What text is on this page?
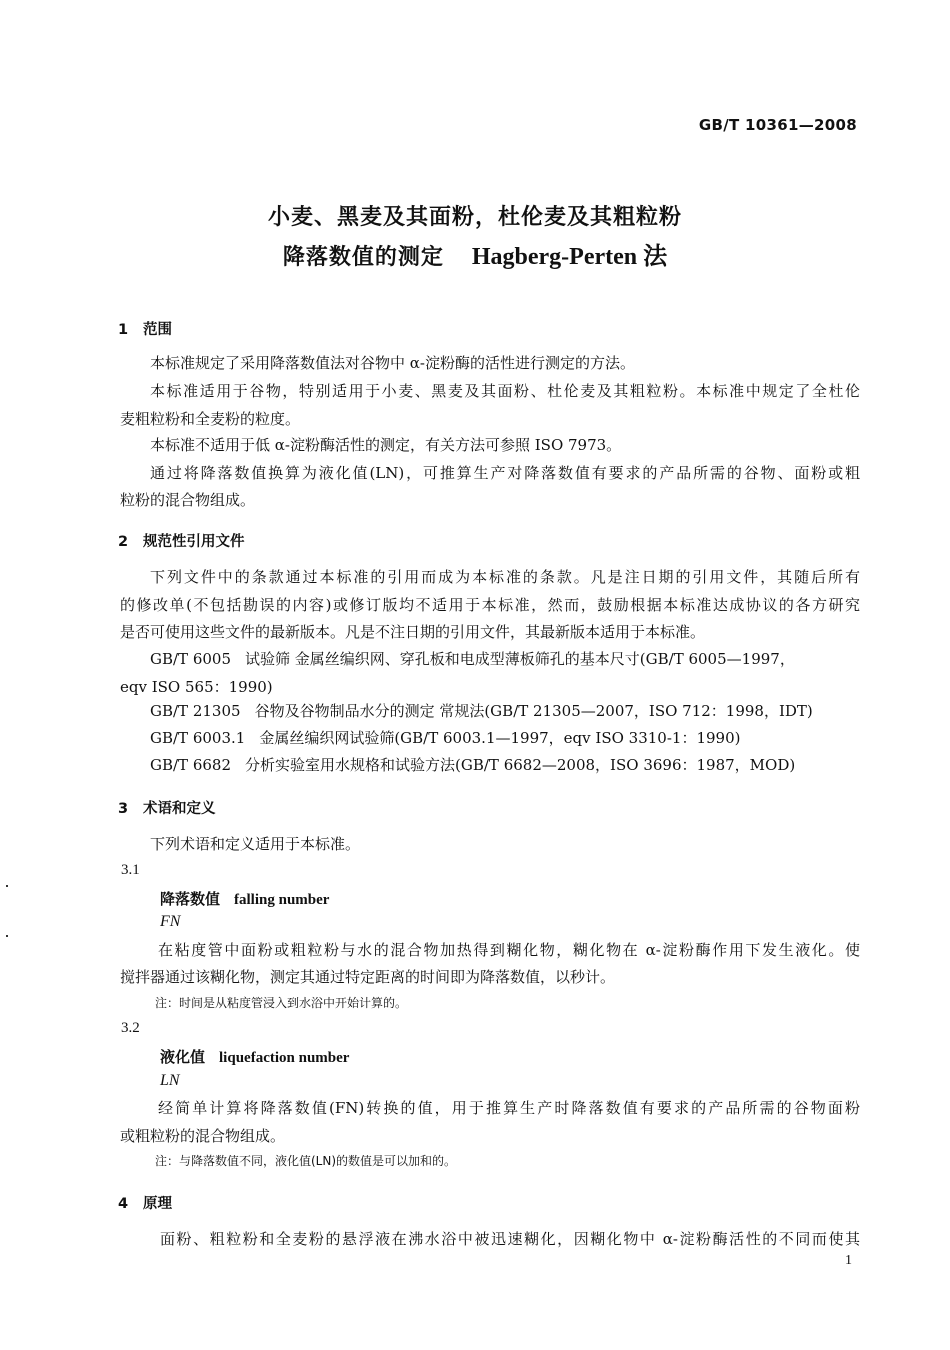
GB/T 10361—2008
小麦、黑麦及其面粉，杜伦麦及其粗粒粉
降落数值的测定 Hagberg-Perten 法
1 范围
本标准规定了采用降落数值法对谷物中 α-淀粉酶的活性进行测定的方法。
本标准适用于谷物，特别适用于小麦、黑麦及其面粉、杜伦麦及其粗粒粉。本标准中规定了全杜伦
麦粗粒粉和全麦粉的粒度。
本标准不适用于低 α-淀粉酶活性的测定，有关方法可参照 ISO 7973。
通过将降落数值换算为液化值(LN)，可推算生产对降落数值有要求的产品所需的谷物、面粉或粗
粒粉的混合物组成。
2 规范性引用文件
下列文件中的条款通过本标准的引用而成为本标准的条款。凡是注日期的引用文件，其随后所有
的修改单(不包括勘误的内容)或修订版均不适用于本标准，然而，鼓励根据本标准达成协议的各方研究
是否可使用这些文件的最新版本。凡是不注日期的引用文件，其最新版本适用于本标准。
GB/T 6005 试验筛 金属丝编织网、穿孔板和电成型薄板筛孔的基本尺寸(GB/T 6005—1997，
eqv ISO 565：1990)
GB/T 21305 谷物及谷物制品水分的测定 常规法(GB/T 21305—2007，ISO 712：1998，IDT)
GB/T 6003.1 金属丝编织网试验筛(GB/T 6003.1—1997，eqv ISO 3310-1：1990)
GB/T 6682 分析实验室用水规格和试验方法(GB/T 6682—2008，ISO 3696：1987，MOD)
3 术语和定义
下列术语和定义适用于本标准。
3.1
降落数值 falling number
FN
在粘度管中面粉或粗粒粉与水的混合物加热得到糊化物，糊化物在 α-淀粉酶作用下发生液化。使
搅拌器通过该糊化物，测定其通过特定距离的时间即为降落数值，以秒计。
注：时间是从粘度管浸入到水浴中开始计算的。
3.2
液化值 liquefaction number
LN
经简单计算将降落数值(FN)转换的值，用于推算生产时降落数值有要求的产品所需的谷物面粉
或粗粒粉的混合物组成。
注：与降落数值不同，液化值(LN)的数值是可以加和的。
4 原理
面粉、粗粒粉和全麦粉的悬浮液在沸水浴中被迅速糊化，因糊化物中 α-淀粉酶活性的不同而使其
1
